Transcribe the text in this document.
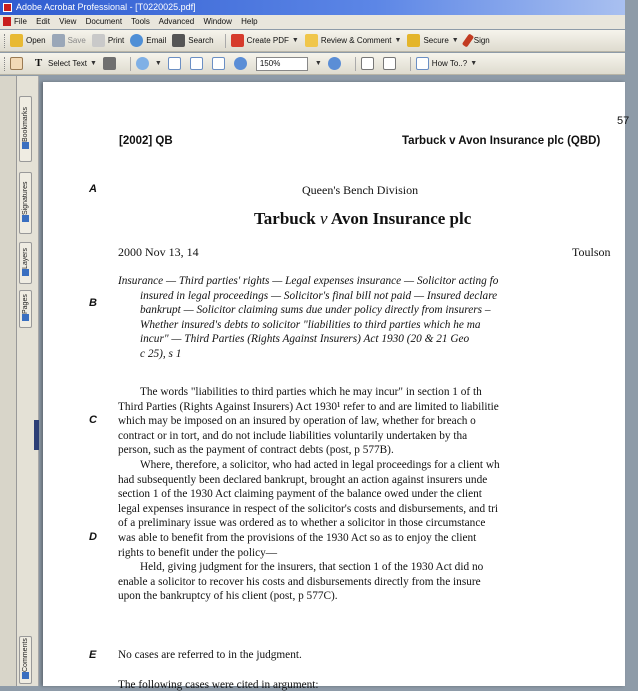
Adobe Acrobat Professional - [T0220025.pdf]
File Edit View Document Tools Advanced Window Help
Open	Save	Print	Email	Search	Create PDF ▼	Review & Comment ▼	Secure ▼ Sign
T Select Text ▼	▼	150%	▼	How To..? ▼
Bookmarks
Signatures
Layers
Pages
Comments
57
[2002] QB	Tarbuck v Avon Insurance plc (QBD)
A
B
C
D
E
Queen's Bench Division
Tarbuck v Avon Insurance plc
2000 Nov 13, 14	Toulson
Insurance — Third parties' rights — Legal expenses insurance — Solicitor acting fo
insured in legal proceedings — Solicitor's final bill not paid — Insured declare
bankrupt — Solicitor claiming sums due under policy directly from insurers –
Whether insured's debts to solicitor "liabilities to third parties which he ma
incur" — Third Parties (Rights Against Insurers) Act 1930 (20 & 21 Geo
c 25), s 1
The words "liabilities to third parties which he may incur" in section 1 of th
Third Parties (Rights Against Insurers) Act 1930¹ refer to and are limited to liabilitie
which may be imposed on an insured by operation of law, whether for breach o
contract or in tort, and do not include liabilities voluntarily undertaken by tha
person, such as the payment of contract debts (post, p 577B).
Where, therefore, a solicitor, who had acted in legal proceedings for a client wh
had subsequently been declared bankrupt, brought an action against insurers unde
section 1 of the 1930 Act claiming payment of the balance owed under the client
legal expenses insurance in respect of the solicitor's costs and disbursements, and tri
of a preliminary issue was ordered as to whether a solicitor in those circumstance
was able to benefit from the provisions of the 1930 Act so as to enjoy the client
rights to benefit under the policy—
Held, giving judgment for the insurers, that section 1 of the 1930 Act did no
enable a solicitor to recover his costs and disbursements directly from the insure
upon the bankruptcy of his client (post, p 577C).
No cases are referred to in the judgment.
The following cases were cited in argument:
